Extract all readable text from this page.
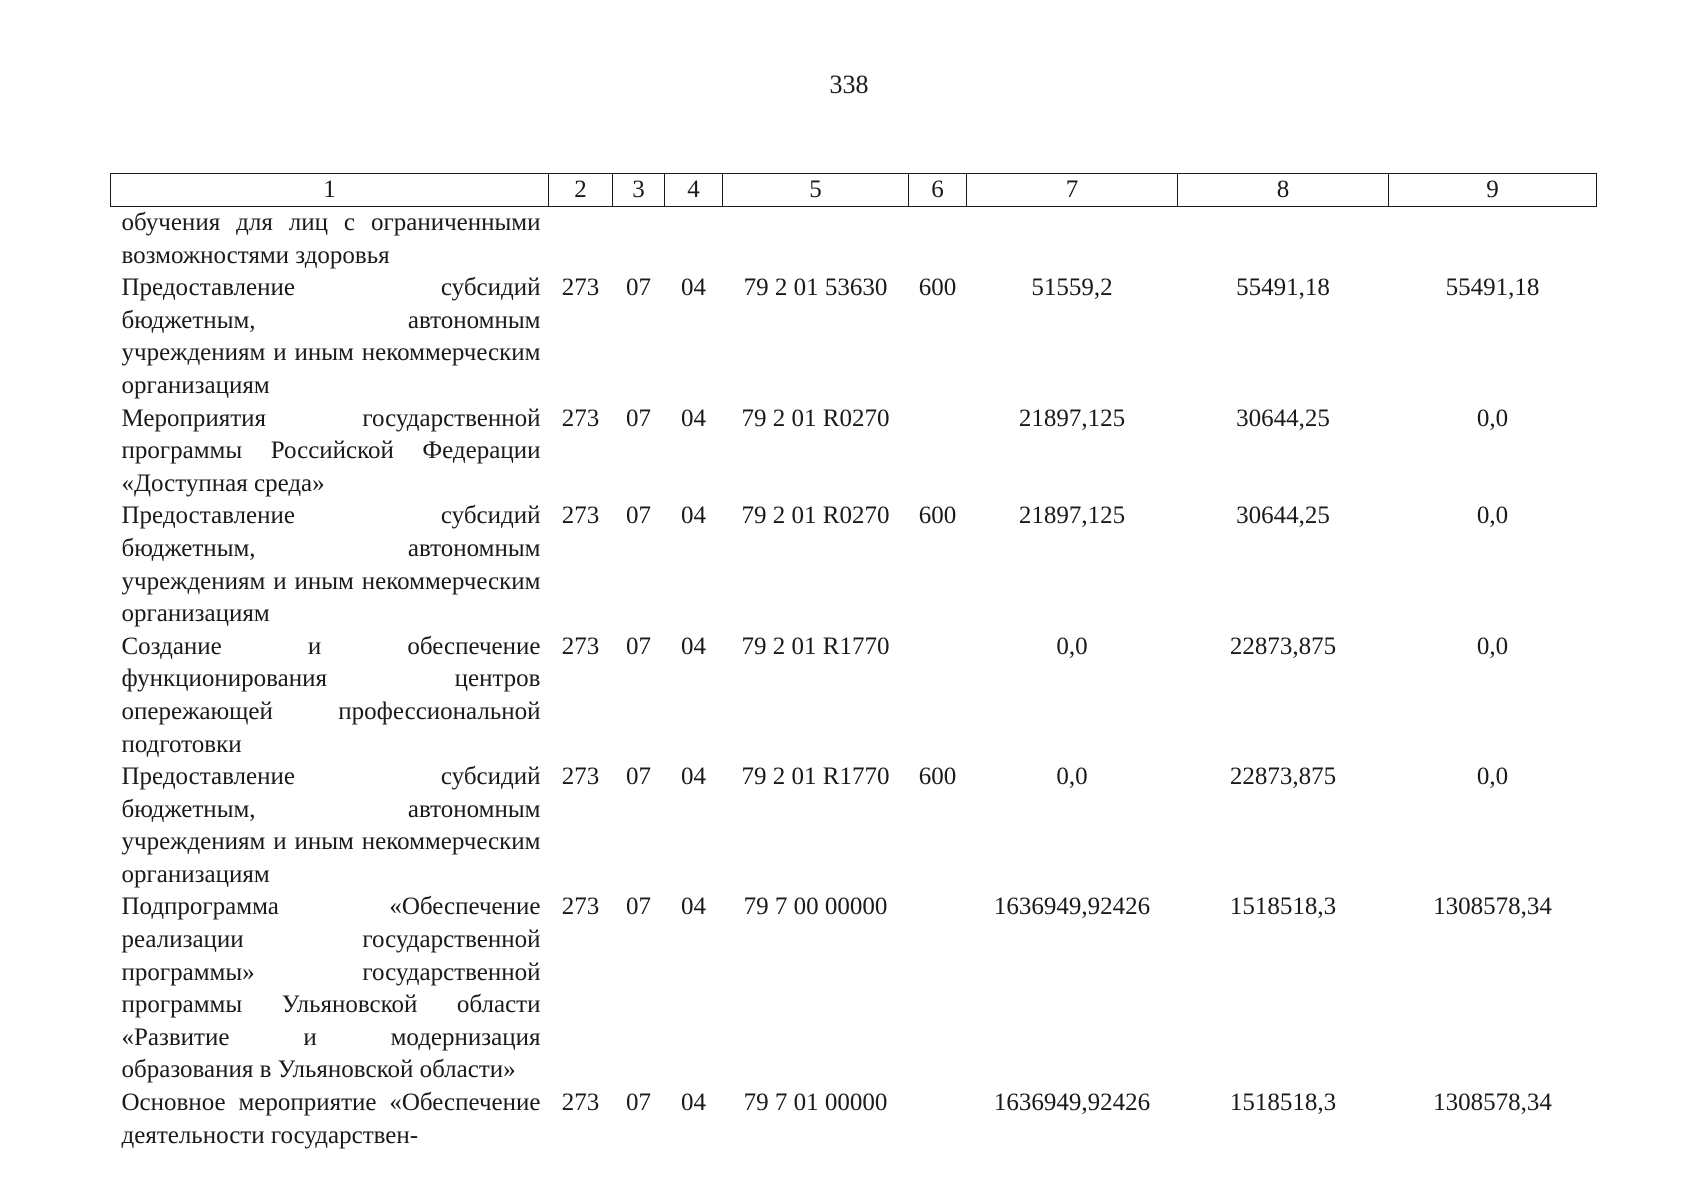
338
1	2	3	4	5	6	7	8	9
обучения для лиц с ограниченными возможностями здоровья								
Предоставление субсидий бюджетным, автономным учреждениям и иным некоммерческим организациям	273	07	04	79 2 01 53630	600	51559,2	55491,18	55491,18
Мероприятия государственной программы Российской Федерации «Доступная среда»	273	07	04	79 2 01 R0270		21897,125	30644,25	0,0
Предоставление субсидий бюджетным, автономным учреждениям и иным некоммерческим организациям	273	07	04	79 2 01 R0270	600	21897,125	30644,25	0,0
Создание и обеспечение функционирования центров опережающей профессиональной подготовки	273	07	04	79 2 01 R1770		0,0	22873,875	0,0
Предоставление субсидий бюджетным, автономным учреждениям и иным некоммерческим организациям	273	07	04	79 2 01 R1770	600	0,0	22873,875	0,0
Подпрограмма «Обеспечение реализации государственной программы» государственной программы Ульяновской области «Развитие и модернизация образования в Ульяновской области»	273	07	04	79 7 00 00000		1636949,92426	1518518,3	1308578,34
Основное мероприятие «Обеспечение деятельности государствен-	273	07	04	79 7 01 00000		1636949,92426	1518518,3	1308578,34
